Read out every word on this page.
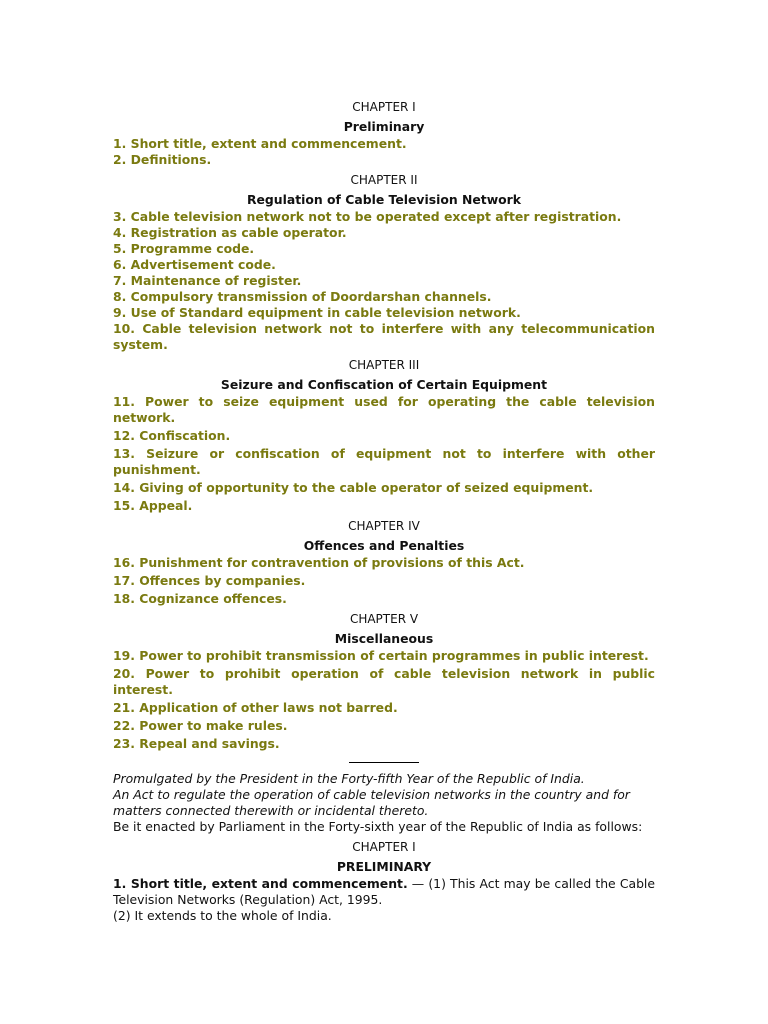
CHAPTER I
Preliminary
1. Short title, extent and commencement.
2. Definitions.
CHAPTER II
Regulation of Cable Television Network
3. Cable television network not to be operated except after registration.
4. Registration as cable operator.
5. Programme code.
6. Advertisement code.
7. Maintenance of register.
8. Compulsory transmission of Doordarshan channels.
9. Use of Standard equipment in cable television network.
10. Cable television network not to interfere with any telecommunication system.
CHAPTER III
Seizure and Confiscation of Certain Equipment
11. Power to seize equipment used for operating the cable television network.
12. Confiscation.
13. Seizure or confiscation of equipment not to interfere with other punishment.
14. Giving of opportunity to the cable operator of seized equipment.
15. Appeal.
CHAPTER IV
Offences and Penalties
16. Punishment for contravention of provisions of this Act.
17. Offences by companies.
18. Cognizance offences.
CHAPTER V
Miscellaneous
19. Power to prohibit transmission of certain programmes in public interest.
20. Power to prohibit operation of cable television network in public interest.
21. Application of other laws not barred.
22. Power to make rules.
23. Repeal and savings.
Promulgated by the President in the Forty-fifth Year of the Republic of India.
An Act to regulate the operation of cable television networks in the country and for matters connected therewith or incidental thereto.
Be it enacted by Parliament in the Forty-sixth year of the Republic of India as follows:
CHAPTER I
PRELIMINARY
1. Short title, extent and commencement. — (1) This Act may be called the Cable Television Networks (Regulation) Act, 1995.
(2) It extends to the whole of India.
